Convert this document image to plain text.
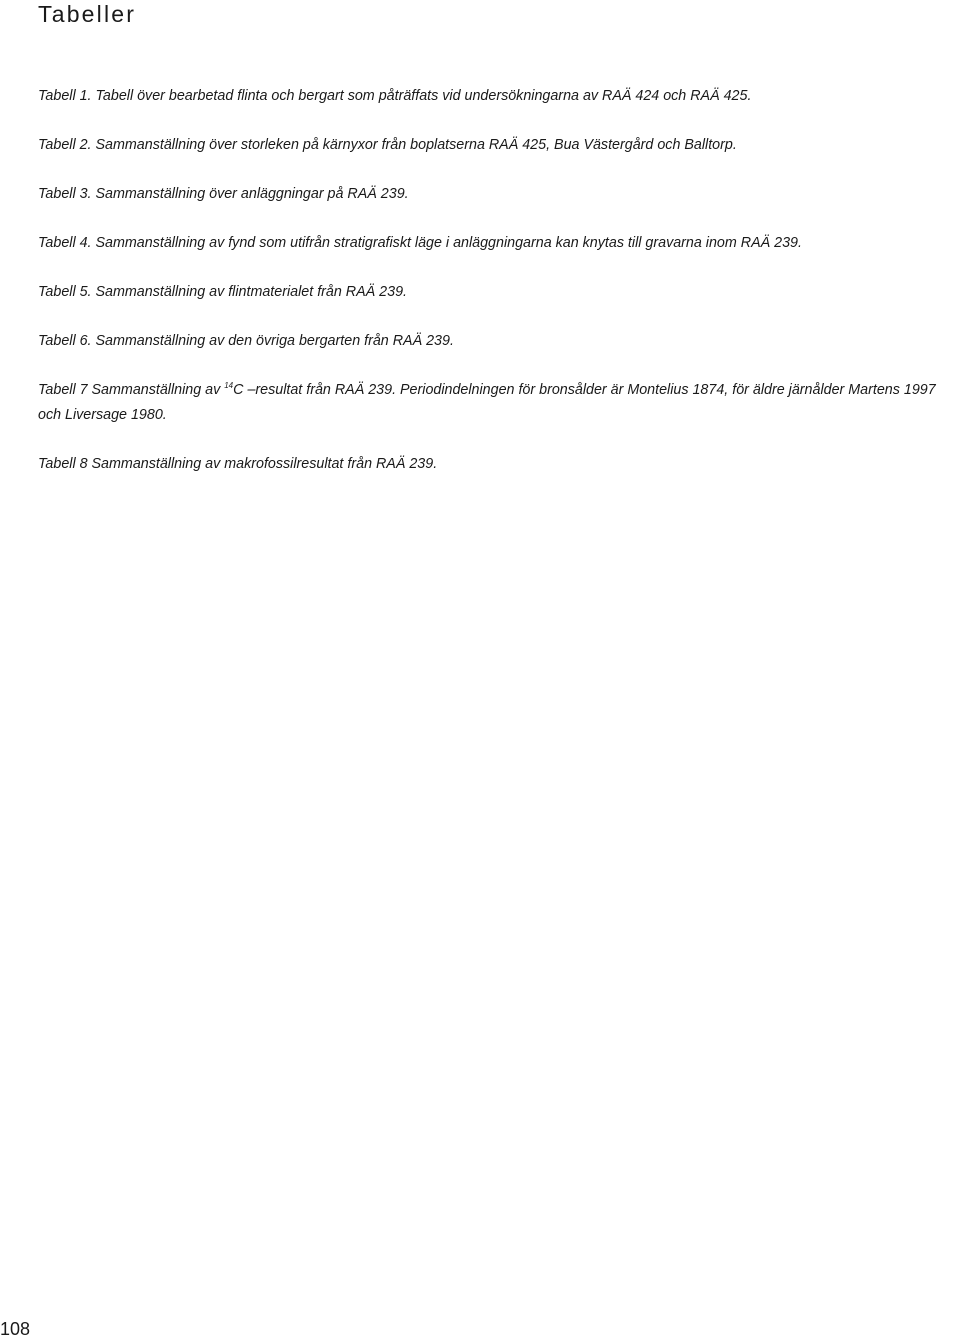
Tabeller

Tabell 1. Tabell över bearbetad flinta och bergart som påträffats vid undersökningarna av RAÄ 424 och RAÄ 425.

Tabell 2. Sammanställning över storleken på kärnyxor från boplatserna RAÄ 425, Bua Västergård och Balltorp.

Tabell 3. Sammanställning över anläggningar på RAÄ 239.

Tabell 4. Sammanställning av fynd som utifrån stratigrafiskt läge i anläggningarna kan knytas till gravarna inom RAÄ 239.

Tabell 5. Sammanställning av flintmaterialet från RAÄ 239.

Tabell 6. Sammanställning av den övriga bergarten från RAÄ 239.

Tabell 7 Sammanställning av $^{14}$C –resultat från RAÄ 239. Periodindelningen för bronsålder är Montelius 1874, för äldre järnålder Martens 1997 och Liversage 1980.

Tabell 8 Sammanställning av makrofossilresultat från RAÄ 239.

108
